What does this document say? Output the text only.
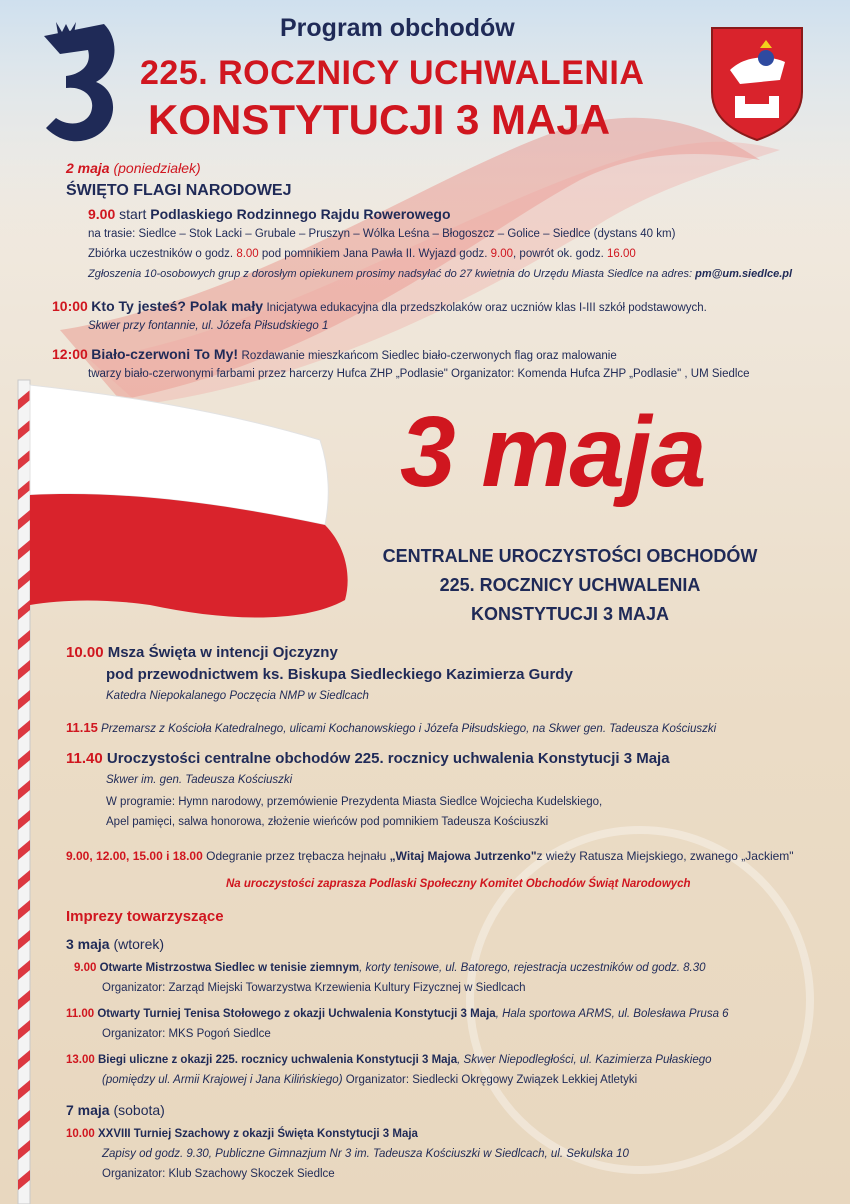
Program obchodów
225. ROCZNICY UCHWALENIA
KONSTYTUCJI 3 MAJA
2 maja (poniedziałek)
ŚWIĘTO FLAGI NARODOWEJ
9.00 start Podlaskiego Rodzinnego Rajdu Rowerowego
na trasie: Siedlce – Stok Lacki – Grubale – Pruszyn – Wólka Leśna – Błogoszcz – Golice – Siedlce (dystans 40 km)
Zbiórka uczestników o godz. 8.00 pod pomnikiem Jana Pawła II. Wyjazd godz. 9.00, powrót ok. godz. 16.00
Zgłoszenia 10-osobowych grup z dorosłym opiekunem prosimy nadsyłać do 27 kwietnia do Urzędu Miasta Siedlce na adres: pm@um.siedlce.pl
10:00 Kto Ty jesteś? Polak mały Inicjatywa edukacyjna dla przedszkolaków oraz uczniów klas I-III szkół podstawowych.
Skwer przy fontannie, ul. Józefa Piłsudskiego 1
12:00 Biało-czerwoni To My! Rozdawanie mieszkańcom Siedlec biało-czerwonych flag oraz malowanie
twarzy biało-czerwonymi farbami przez harcerzy Hufca ZHP „Podlasie" Organizator: Komenda Hufca ZHP „Podlasie" , UM Siedlce
3 maja
CENTRALNE UROCZYSTOŚCI OBCHODÓW
225. ROCZNICY UCHWALENIA
KONSTYTUCJI 3 MAJA
10.00 Msza Święta w intencji Ojczyzny
pod przewodnictwem ks. Biskupa Siedleckiego Kazimierza Gurdy
Katedra Niepokalanego Poczęcia NMP w Siedlcach
11.15 Przemarsz z Kościoła Katedralnego, ulicami Kochanowskiego i Józefa Piłsudskiego, na Skwer gen. Tadeusza Kościuszki
11.40 Uroczystości centralne obchodów 225. rocznicy uchwalenia Konstytucji 3 Maja
Skwer im. gen. Tadeusza Kościuszki
W programie: Hymn narodowy, przemówienie Prezydenta Miasta Siedlce Wojciecha Kudelskiego,
Apel pamięci, salwa honorowa, złożenie wieńców pod pomnikiem Tadeusza Kościuszki
9.00, 12.00, 15.00 i 18.00 Odegranie przez trębacza hejnału „Witaj Majowa Jutrzenko"z wieży Ratusza Miejskiego, zwanego „Jackiem"
Na uroczystości zaprasza Podlaski Społeczny Komitet Obchodów Świąt Narodowych
Imprezy towarzyszące
3 maja (wtorek)
9.00 Otwarte Mistrzostwa Siedlec w tenisie ziemnym, korty tenisowe, ul. Batorego, rejestracja uczestników od godz. 8.30
Organizator: Zarząd Miejski Towarzystwa Krzewienia Kultury Fizycznej w Siedlcach
11.00 Otwarty Turniej Tenisa Stołowego z okazji Uchwalenia Konstytucji 3 Maja, Hala sportowa ARMS, ul. Bolesława Prusa 6
Organizator: MKS Pogoń Siedlce
13.00 Biegi uliczne z okazji 225. rocznicy uchwalenia Konstytucji 3 Maja, Skwer Niepodległości, ul. Kazimierza Pułaskiego
(pomiędzy ul. Armii Krajowej i Jana Kilińskiego) Organizator: Siedlecki Okręgowy Związek Lekkiej Atletyki
7 maja (sobota)
10.00 XXVIII Turniej Szachowy z okazji Święta Konstytucji 3 Maja
Zapisy od godz. 9.30, Publiczne Gimnazjum Nr 3 im. Tadeusza Kościuszki w Siedlcach, ul. Sekulska 10
Organizator: Klub Szachowy Skoczek Siedlce
